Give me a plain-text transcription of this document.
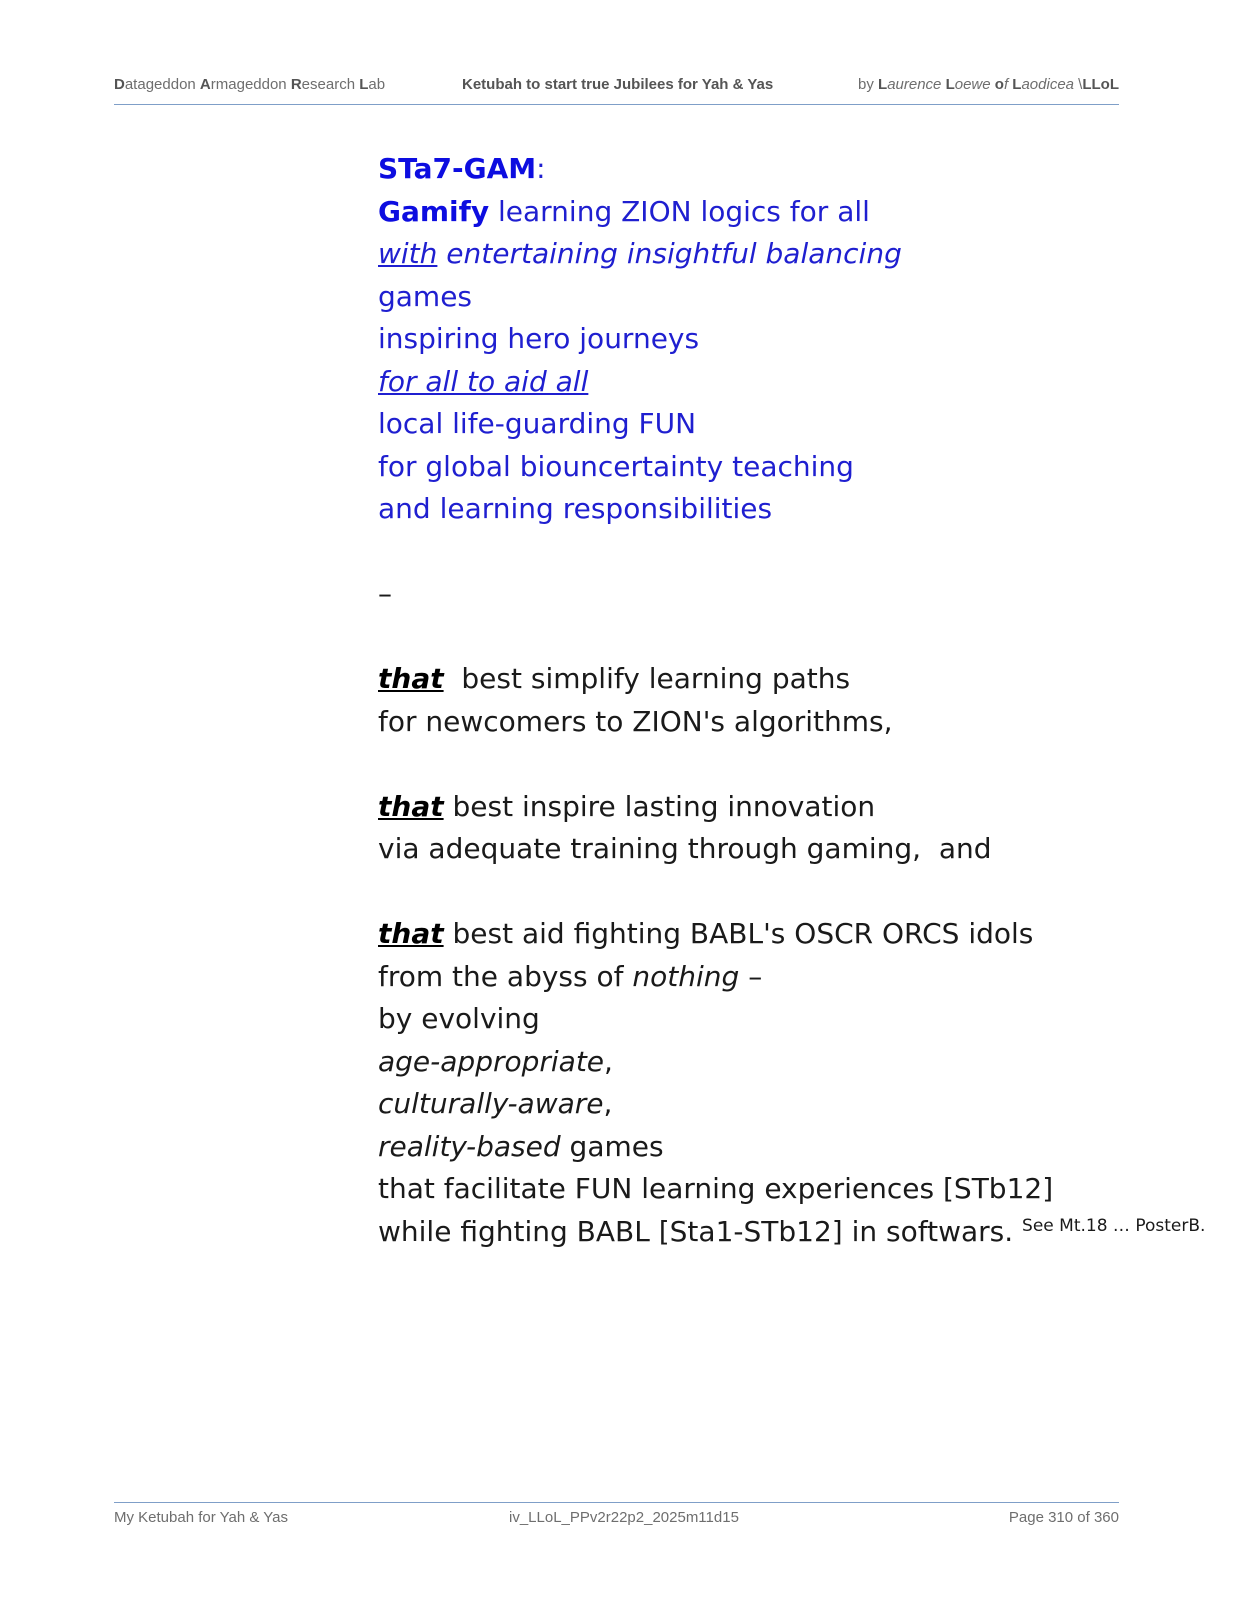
Datageddon Armageddon Research Lab	Ketubah to start true Jubilees for Yah & Yas	by Laurence Loewe of Laodicea \LLoL
STa7-GAM:
Gamify learning ZION logics for all
with entertaining insightful balancing
games
inspiring hero journeys
for all to aid all
local life-guarding FUN
for global biouncertainty teaching
and learning responsibilities
–
that  best simplify learning paths
for newcomers to ZION's algorithms,
that best inspire lasting innovation
via adequate training through gaming,  and
that best aid fighting BABL's OSCR ORCS idols
from the abyss of nothing –
by evolving
age-appropriate,
culturally-aware,
reality-based games
that facilitate FUN learning experiences [STb12]
while fighting BABL [Sta1-STb12] in softwars. $^{See Mt.18 \dots PosterB.}$
My Ketubah for Yah & Yas	iv_LLoL_PPv2r22p2_2025m11d15	Page 310 of 360
